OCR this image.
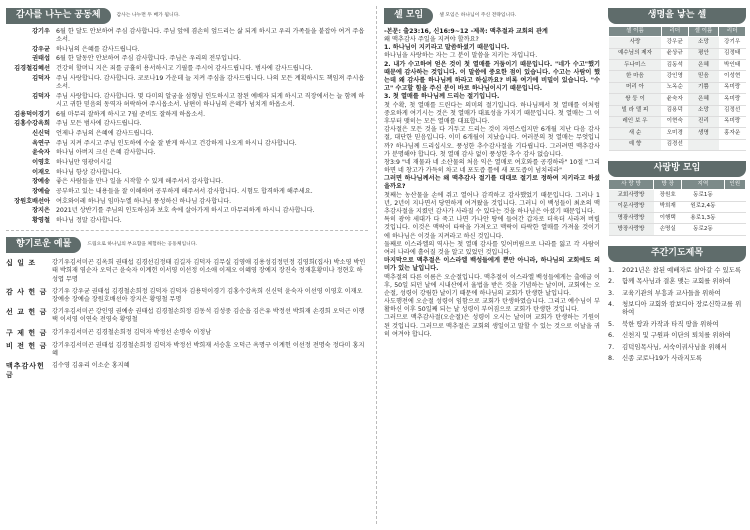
감사를 나누는 공동체	감사는 나누면 두 배가 됩니다.
강기우 6월 한 달도 안보하여 주심 감사합니다. 주님 앞에 겸손히 엎드리는 삶 되게 하시고 우리 가족들을 붙잡아 여겨 주옵소서.
강우균 하나님의 은혜를 감사드립니다.
권태섭 6월 한 달동안 안보하여 주심 감사합니다. 주님은 우리의 전부입니다.
김경철김혜선 건강히 할머니 지은 죄를 긍휼히 용서하시고 기필를 주시어 감사드립니다. 범사에 감사드립니다.
김덕자 주님 사랑합니다. 감사합니다. 코로나19 가운데 늘 지켜 주심을 감사드립니다. 나의 모든 계획하시도 책임져 주시옵소서.
김덕자 주님 사랑합니다. 감사합니다. 몇 다미의 알굼을 섬형님 인도하시고 참된 예배자 되게 하시고 직장에서는 늘 함께 하시고 귀한 믿음의 동역자 허락하여 주시옵소서. 남편이 하나님의 은혜가 넘치게 하옵소서.
김용덕이경기 6월 마무리 잘하게 하시고 7월 준비도 잘하게 하옵소서.
김홍수강옥희 주님 모든 범사에 감사드립니다.
신신덕 언제나 주님의 은혜에 감사드립니다.
옥연구 주님 지켜 주시고 주님 인도하에 수술 잘 받게 하시고 건강하게 나오게 하시니 감사합니다.
윤숙자 하나님 아버지 크신 은혜 감사합니다.
이영호 하나님만 영광이시길
이재오 하나님 항상 감사합니다.
장예송 좋은 사람들을 만나 일을 시작할 수 있게 해주셔서 감사합니다.
장예슬 공부하고 있는 내용들을 잘 이해하며 공부하게 해주셔서 감사합니다. 시험도 합격하게 해주세요.
장원호배선아 여호와이레 하나님 임마누엘 하나님 풍성하신 하나님 감사합니다.
장지은 2021년 상반기를 주님의 인도하심과 보호 속에 살아가게 하시고 마무리하게 하시니 감사합니다.
황영철 하나님 정말 감사합니다.
향기로운 예물	드림으로 하나님의 부요함을 체험하는 공동체입니다.
십 일 조	강기우김서미곤 김옥희 권태섭 김경선김정태 김길자 김덕자 김무실 김영애 김용성김정민정 김영희(집사) 박소영 박인태 박희재 염순자 오덕근 윤숙자 이계헌 이서영 이선정 이소애 이제오 이혜영 장예지 장진숙 정재훈황미나 정현호 하성엽 무명
감 사 헌 금 강기우 강우균 권태섭 김경철손희정 김덕자 김덕자 김용덕이경기 김홍수강옥희 신신덕 윤숙자 이선영 이영호 이재오 장예송 장예슬 장원호배선아 장지은 황영철 무명
선 교 헌 금 강기우김서미곤 강인영 권예송 권태섭 김경철손희정 김동석 김성중 김순읍 김은유 박정선 박희재 손경희 오덕근 이행택 이서영 이연숙 전영숙 황영철
구 제 헌 금 강기우김서미곤 김경철손희정 김덕자 박정선 손명숙 이정남
비 전 헌 금 강기우김서미곤 권태섭 김경철손희정 김덕자 박정선 박희재 서승훈 오덕근 옥명구 이계헌 이선정 전명숙 정다미 홍지혜
맥추감사헌금
김수영 김유리 이소순 홍지혜
셀 모임	셀 모임은 하나님이 주신 전략입니다.

-본문: 출23:16, 신16:9~12 -제목: 맥추절과 교회의 관계

왜 맥추감사 주일을 지켜야 할까요?

1. 하나님이 지키라고 말씀하셨기 때문입니다.

하나님을 사랑하는 자는 그 분이 말씀을 지키는 자입니다.

2. 내가 수고하여 얻은 것이 첫 열매를 거둠이기 때문입니다. "네가 수고"했기 때문에 감사하는 것입니다. 이 말씀에 중요한 점이 있습니다. 수고는 사람이 했는데 왜 감사를 하나님께 하라고 하실까요? 비록 여기에 비밀이 있습니다. "수고" 수고할 힘을 주신 분이 바로 하나님이시기 때문입니다.

3. 첫 열매를 하나님께 드리는 절기입니다.

첫 수확, 첫 열매를 드린다는 의미의 절기입니다. 하나님께서 첫 열매를 이처럼 중요하게 여기시는 것은 첫 열매가 대표성을 가지기 때문입니다. 첫 열매는 그 이후부터 맺히는 모든 열매를 대표합니다.

감사절은 모든 것을 다 거두고 드리는 것이 자연스럽지만 6개월 지난 다음 감사절, 대단한 믿음입니다. 이미 6개월이 지났습니다. 여러분의 첫 열매는 무엇입니까? 하나님께 드리십시오. 풍성한 추수감사절을 기다립니다. 그러려면 맥추감사가 분명해야 합니다. 첫 열매 감사 없이 풍성한 추수 감사 없습니다.

창3:9 "네 재물과 네 소산물의 처음 익은 열매로 여호와를 공경하라" 10절 "그리하면 네 창고가 가득히 차고 네 포도즙 틀에 새 포도즙이 넘치리라"

그러면 하나님께서는 왜 맥추감사 절기를 대대로 절기로 정하여 지키라고 하셨을까요?

첫째는 농산물을 손에 쥐고 열어나 감격하고 감사했었기 때문입니다. 그러나 1년, 2년이 지나면서 당연하게 여겨왔을 것입니다. 그러니 이 백성들이 최초의 맥추감사절을 지켰던 감사가 사라질 수 있다는 것을 하나님은 아셨기 때문입니다.

특히 광야 세대가 다 죽고 나면 가나안 땅에 들어간 갑자로 더욱더 사라져 버릴 것입니다. 이것은 맥락이 타락을 가져오고 맥락이 타락한 열매를 가져올 것이기에 하나님은 이것을 지켜라고 하신 것입니다.

둘째로 이스라엘의 역사는 첫 열매 감사를 잊어버림으로 나라를 잃고 각 사람이 여러 나라에 흩어질 것을 알고 있었던 것입니다.

마지막으로 맥추절은 이스라엘 백성들에게 뿐만 아니라, 하나님의 교회에도 의미가 있는 날입니다.

맥추절의 다른 이름은 오순절입니다. 맥추절이 이스라엘 백성들에게는 출애굽 이후, 50일 되던 날에 시내산에서 율법을 받은 것을 기념하는 날이며, 교회에는 오순절, 성령이 강림한 날이기 때문에 하나님의 교회가 탄생한 날입니다.

사도행전에 오순절 성령이 임함으로 교회가 탄생하였습니다. 그리고 예수님이 부활하신 이후 50일째 되는 날 성령이 부어짐으로 교회가 탄생한 것입니다.

그러므로 맥추감사절(오순절)은 성령이 오시는 날이며 교회가 탄생하는 기원이 된 것입니다. 그러므로 맥추절은 교회의 생일이고 말할 수 있는 것으로 이날을 귀히 여겨야 합니다.

생명을 낳는 셀
셀 이름	리더	셀 이름	리더
사랑	강우균	소망	강기우
예수님의 제자	윤상규	평안	김정태
두나미스	김동석	은혜	박인태
한 마음	강인영	믿음	이성현
머리 아	노옥순	기쁨	옥미랑
쌍 둥 이	윤숙자	은혜	옥미랑
빌 라 델 피	김용덕	소망	김정선
레인 보 우	이현숙	진리	옥미랑
새 순	오미경	생명	홍자운
예 향	김경선		
사랑방 모임
사 랑 방	방 장	지역	인원
교회사랑방	장원호	동로1동	
이문사랑방	박희재	원로2,4동	
명광사랑방	이행택	용로1,3동	
방장사랑방	손명실	동로2동	
주간기도제목
1.	2021년은 참된 예배자로 살아갈 수 있도록
2.	함께 목사님과 결혼 맺는 교회를 위하여
3.	교육기관의 부흥과 교사들을 위하여
4.	청보디아 교회와 캄보디아 장로신학교를 위하여
5.	북한 땅과 카작과 타직 땅을 위하여
6.	신천지 및 구원파 이단의 퇴치를 위하여
7.	김덕임목사님, 서숙이궈사님을 위해서
8.	신종 코로나19가 사라지도록
